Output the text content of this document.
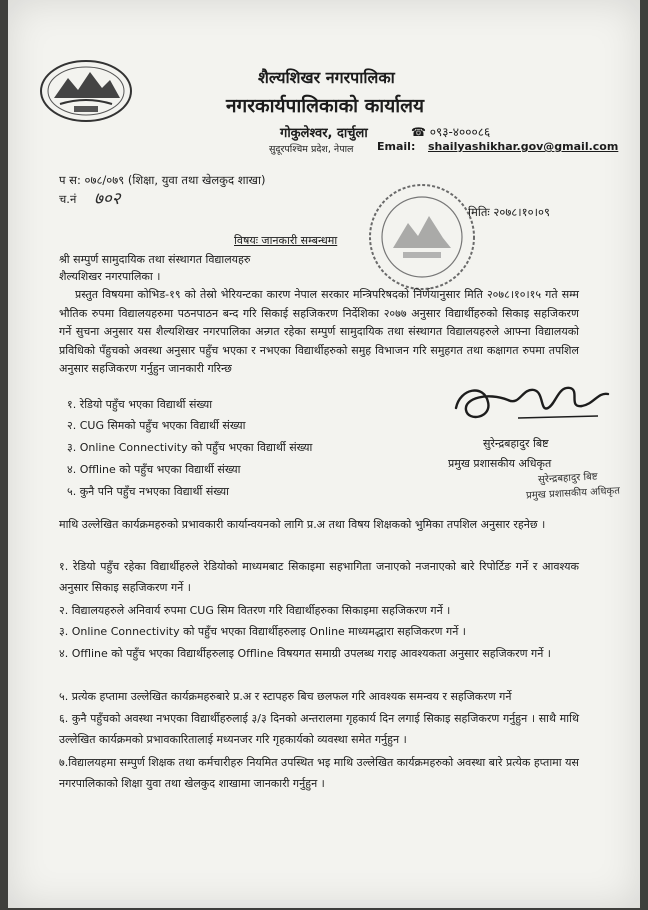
शैल्यशिखर नगरपालिका
नगरकार्यपालिकाको कार्यालय
गोकुलेश्वर, दार्चुला	☎ ०९३-४०००८६
सुदूरपश्चिम प्रदेश, नेपाल Email: shailyashikhar.gov@gmail.com
प स: ०७८/०७९ (शिक्षा, युवा तथा खेलकुद शाखा)
च.नं ७०२
मितिः २०७८।१०।०९
विषयः जानकारी सम्बन्धमा
श्री सम्पुर्ण सामुदायिक तथा संस्थागत विद्यालयहरु
शैल्यशिखर नगरपालिका ।
प्रस्तुत विषयमा कोभिड-१९ को तेस्रो भेरियन्टका कारण नेपाल सरकार मन्त्रिपरिषदको निर्णयानुसार मिति २०७८।१०।१५ गते सम्म भौतिक रुपमा विद्यालयहरुमा पठनपाठन बन्द गरि सिकाई सहजिकरण निर्देशिका २०७७ अनुसार विद्यार्थीहरुको सिकाइ सहजिकरण गर्ने सुचना अनुसार यस शैल्यशिखर नगरपालिका अन्र्गत रहेका सम्पुर्ण सामुदायिक तथा संस्थागत विद्यालयहरुले आफ्ना विद्यालयको प्रविधिको पँहुचको अवस्था अनुसार पहुँच भएका र नभएका विद्यार्थीहरुको समुह विभाजन गरि समुहगत तथा कक्षागत रुपमा तपशिल अनुसार सहजिकरण गर्नुहुन जानकारी गरिन्छ
१. रेडियो पहुँच भएका विद्यार्थी संख्या
२. CUG सिमको पहुँच भएका विद्यार्थी संख्या
३. Online Connectivity को पहुँच भएका विद्यार्थी संख्या
४. Offline को पहुँच भएका विद्यार्थी संख्या
५. कुनै पनि पहुँच नभएका विद्यार्थी संख्या
सुरेन्द्रबहादुर बिष्ट
प्रमुख प्रशासकीय अधिकृत
सुरेन्द्रबहादुर बिष्ट
प्रमुख प्रशासकीय अधिकृत
माथि उल्लेखित कार्यक्रमहरुको प्रभावकारी कार्यान्वयनको लागि प्र.अ तथा विषय शिक्षकको भुमिका तपशिल अनुसार रहनेछ ।
१. रेडियो पहुँच रहेका विद्यार्थीहरुले रेडियोको माध्यमबाट सिकाइमा सहभागिता जनाएको नजनाएको बारे रिपोर्टिङ गर्ने र आवश्यक अनुसार सिकाइ सहजिकरण गर्ने ।
२. विद्यालयहरुले अनिवार्य रुपमा CUG सिम वितरण गरि विद्यार्थीहरुका सिकाइमा सहजिकरण गर्ने ।
३. Online Connectivity को पहुँच भएका विद्यार्थीहरुलाइ Online माध्यमद्धारा सहजिकरण गर्ने ।
४. Offline को पहुँच भएका विद्यार्थीहरुलाइ Offline विषयगत समाग्री उपलब्ध गराइ आवश्यकता अनुसार सहजिकरण गर्ने ।
५. प्रत्येक हप्तामा उल्लेखित कार्यक्रमहरुबारे प्र.अ र स्टापहरु बिच छलफल गरि आवश्यक समन्वय र सहजिकरण गर्ने
६. कुनै पहुँचको अवस्था नभएका विद्यार्थीहरुलाई ३/३ दिनको अन्तरालमा गृहकार्य दिन लगाई सिकाइ सहजिकरण गर्नुहुन । साथै माथि उल्लेखित कार्यक्रमको प्रभावकारितालाई मध्यनजर गरि गृहकार्यको व्यवस्था समेत गर्नुहुन ।
७.विद्यालयहमा सम्पुर्ण शिक्षक तथा कर्मचारीहरु नियमित उपस्थित भइ माथि उल्लेखित कार्यक्रमहरुको अवस्था बारे प्रत्येक हप्तामा यस नगरपालिकाको शिक्षा युवा तथा खेलकुद शाखामा जानकारी गर्नुहुन ।
